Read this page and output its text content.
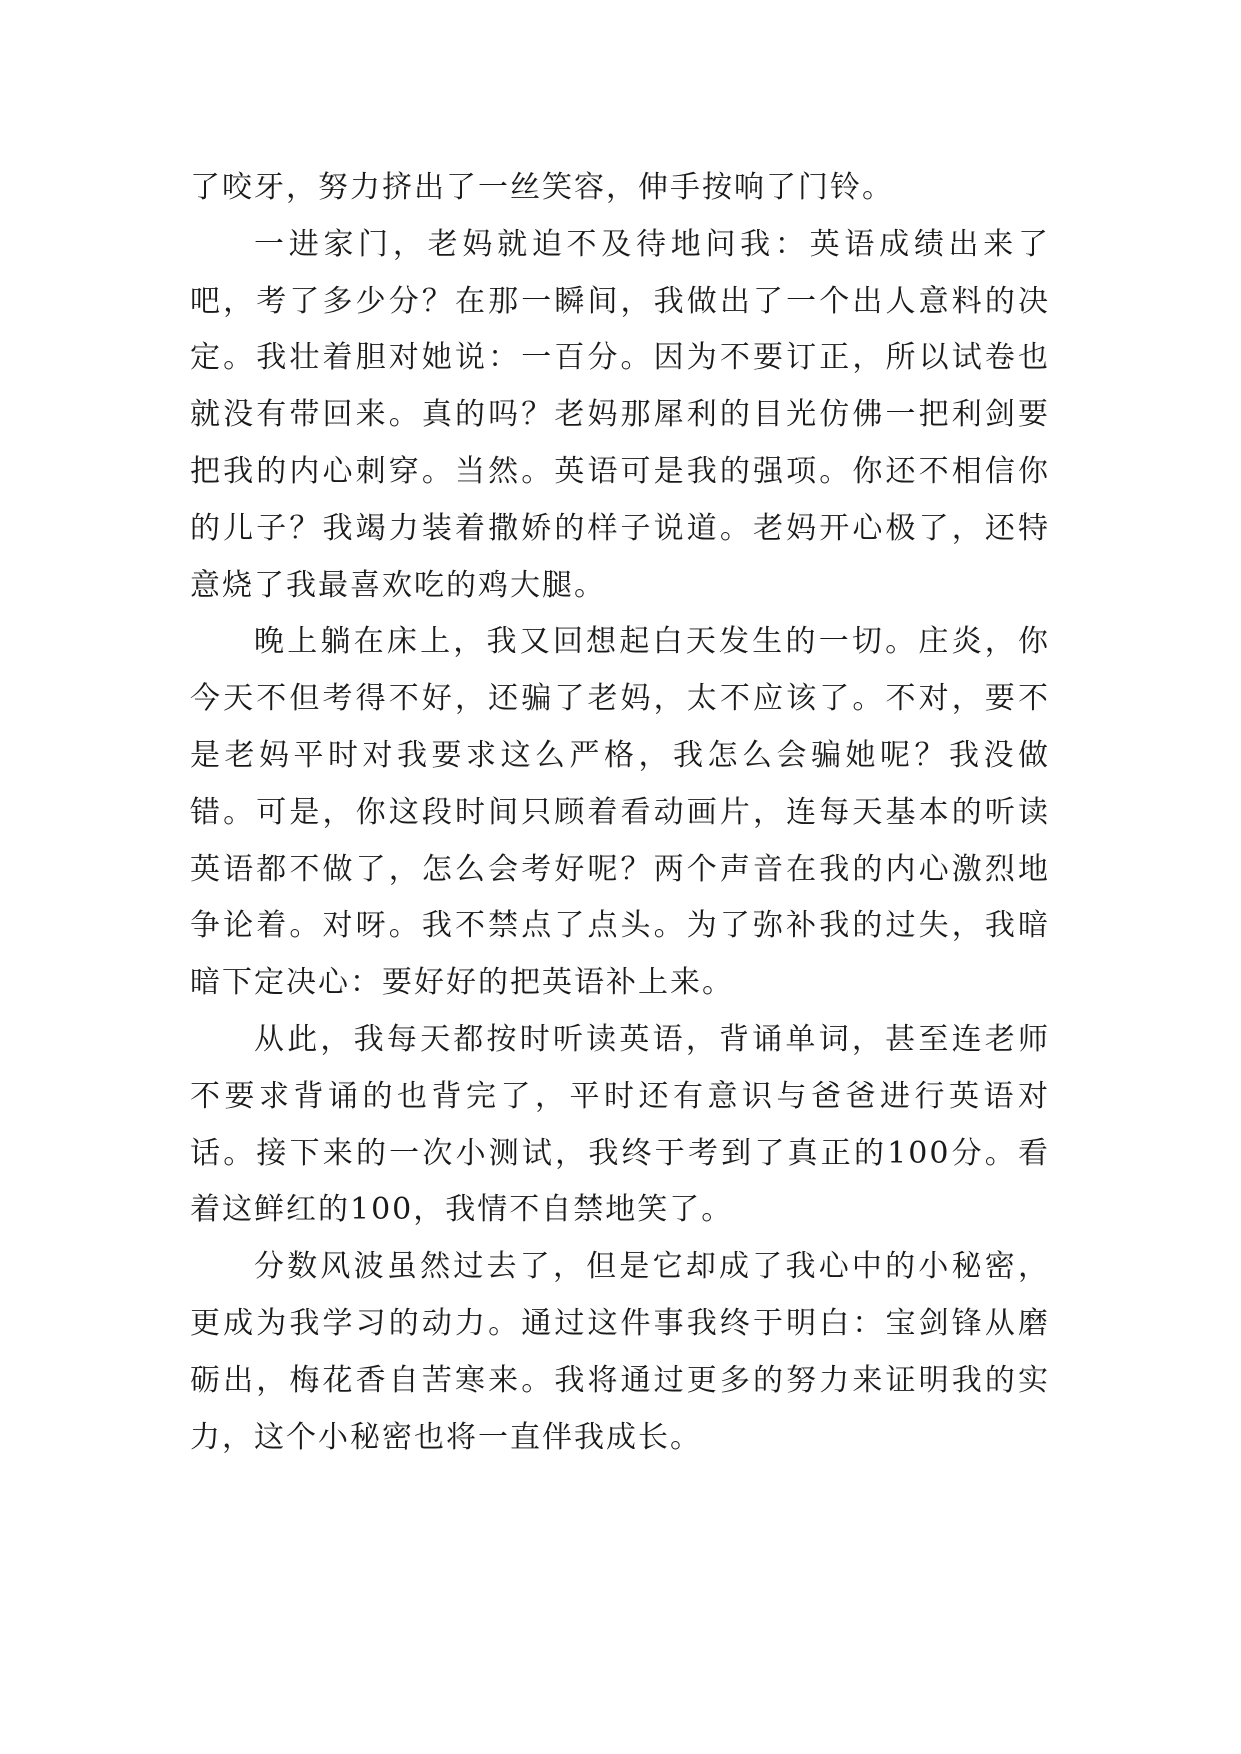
了咬牙，努力挤出了一丝笑容，伸手按响了门铃。

一进家门，老妈就迫不及待地问我：英语成绩出来了吧，考了多少分？在那一瞬间，我做出了一个出人意料的决定。我壮着胆对她说：一百分。因为不要订正，所以试卷也就没有带回来。真的吗？老妈那犀利的目光仿佛一把利剑要把我的内心刺穿。当然。英语可是我的强项。你还不相信你的儿子？我竭力装着撒娇的样子说道。老妈开心极了，还特意烧了我最喜欢吃的鸡大腿。

晚上躺在床上，我又回想起白天发生的一切。庄炎，你今天不但考得不好，还骗了老妈，太不应该了。不对，要不是老妈平时对我要求这么严格，我怎么会骗她呢？我没做错。可是，你这段时间只顾着看动画片，连每天基本的听读英语都不做了，怎么会考好呢？两个声音在我的内心激烈地争论着。对呀。我不禁点了点头。为了弥补我的过失，我暗暗下定决心：要好好的把英语补上来。

从此，我每天都按时听读英语，背诵单词，甚至连老师不要求背诵的也背完了，平时还有意识与爸爸进行英语对话。接下来的一次小测试，我终于考到了真正的100分。看着这鲜红的100，我情不自禁地笑了。

分数风波虽然过去了，但是它却成了我心中的小秘密，更成为我学习的动力。通过这件事我终于明白：宝剑锋从磨砺出，梅花香自苦寒来。我将通过更多的努力来证明我的实力，这个小秘密也将一直伴我成长。
